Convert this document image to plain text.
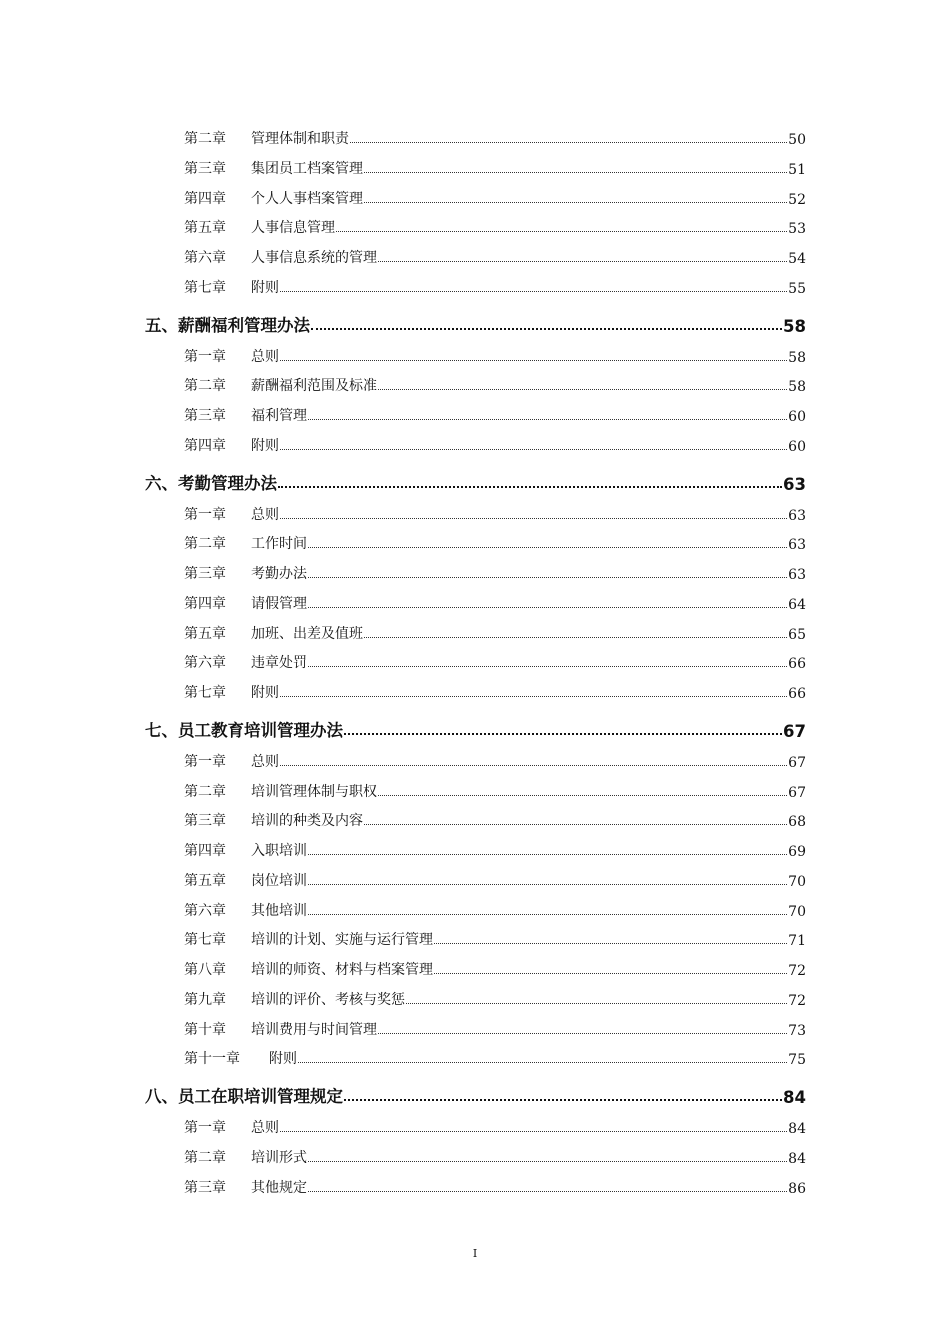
第二章	管理体制和职责	50
第三章	集团员工档案管理	51
第四章	个人人事档案管理	52
第五章	人事信息管理	53
第六章	人事信息系统的管理	54
第七章	附则	55
五、薪酬福利管理办法	58
第一章	总则	58
第二章	薪酬福利范围及标准	58
第三章	福利管理	60
第四章	附则	60
六、考勤管理办法	63
第一章	总则	63
第二章	工作时间	63
第三章	考勤办法	63
第四章	请假管理	64
第五章	加班、出差及值班	65
第六章	违章处罚	66
第七章	附则	66
七、员工教育培训管理办法	67
第一章	总则	67
第二章	培训管理体制与职权	67
第三章	培训的种类及内容	68
第四章	入职培训	69
第五章	岗位培训	70
第六章	其他培训	70
第七章	培训的计划、实施与运行管理	71
第八章	培训的师资、材料与档案管理	72
第九章	培训的评价、考核与奖惩	72
第十章	培训费用与时间管理	73
第十一章	附则	75
八、员工在职培训管理规定	84
第一章	总则	84
第二章	培训形式	84
第三章	其他规定	86
I
